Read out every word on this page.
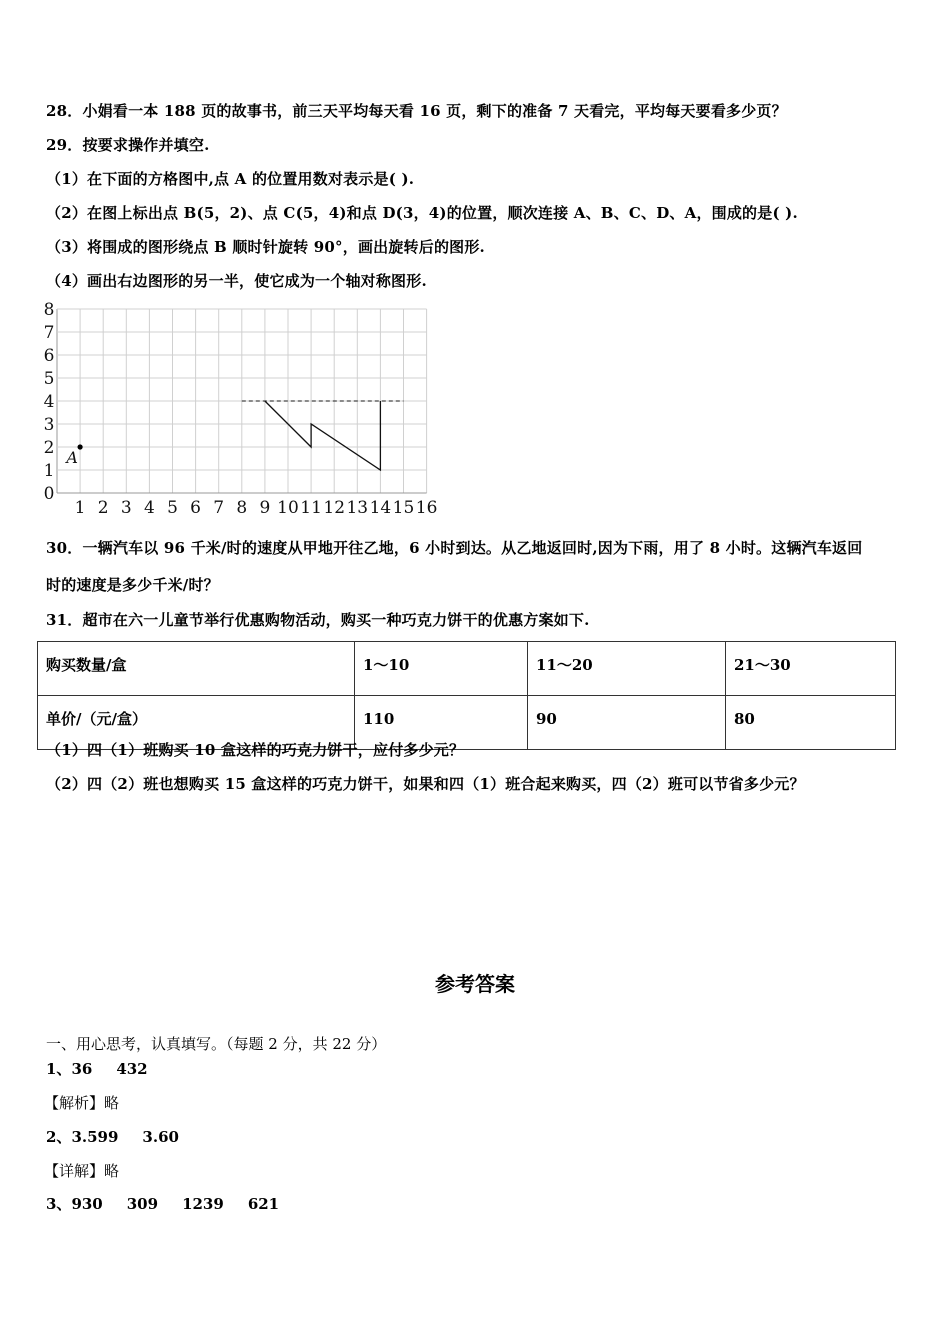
28．小娟看一本 188 页的故事书，前三天平均每天看 16 页，剩下的准备 7 天看完，平均每天要看多少页？
29．按要求操作并填空.
（1）在下面的方格图中,点 A 的位置用数对表示是( ).
（2）在图上标出点 B(5，2)、点 C(5，4)和点 D(3，4)的位置，顺次连接 A、B、C、D、A，围成的是( ).
（3）将围成的图形绕点 B 顺时针旋转 90°，画出旋转后的图形.
（4）画出右边图形的另一半，使它成为一个轴对称图形.
1 2 3 4 5 6 7 8 9 10 11 12 13 14 15 16
0
1
2
3
4
5
6
7
8
A
30．一辆汽车以 96 千米/时的速度从甲地开往乙地，6 小时到达。从乙地返回时,因为下雨，用了 8 小时。这辆汽车返回
时的速度是多少千米/时？
31．超市在六一儿童节举行优惠购物活动，购买一种巧克力饼干的优惠方案如下.
购买数量/盒	1～10	11～20	21～30
单价/（元/盒）	110	90	80
（1）四（1）班购买 10 盒这样的巧克力饼干，应付多少元？
（2）四（2）班也想购买 15 盒这样的巧克力饼干，如果和四（1）班合起来购买，四（2）班可以节省多少元？
参考答案
一、用心思考，认真填写。（每题 2 分，共 22 分）
1、36 432
【解析】略
2、3.599 3.60
【详解】略
3、930 309 1239 621
